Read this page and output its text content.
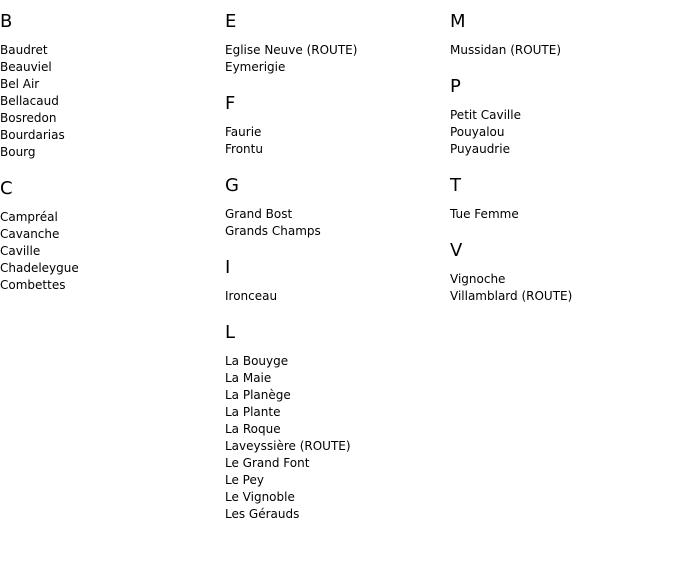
B
Baudret
Beauviel
Bel Air
Bellacaud
Bosredon
Bourdarias
Bourg
C
Campréal
Cavanche
Caville
Chadeleygue
Combettes
E
Eglise Neuve (ROUTE)
Eymerigie
F
Faurie
Frontu
G
Grand Bost
Grands Champs
I
Ironceau
L
La Bouyge
La Maie
La Planège
La Plante
La Roque
Laveyssière (ROUTE)
Le Grand Font
Le Pey
Le Vignoble
Les Gérauds
M
Mussidan (ROUTE)
P
Petit Caville
Pouyalou
Puyaudrie
T
Tue Femme
V
Vignoche
Villamblard (ROUTE)
